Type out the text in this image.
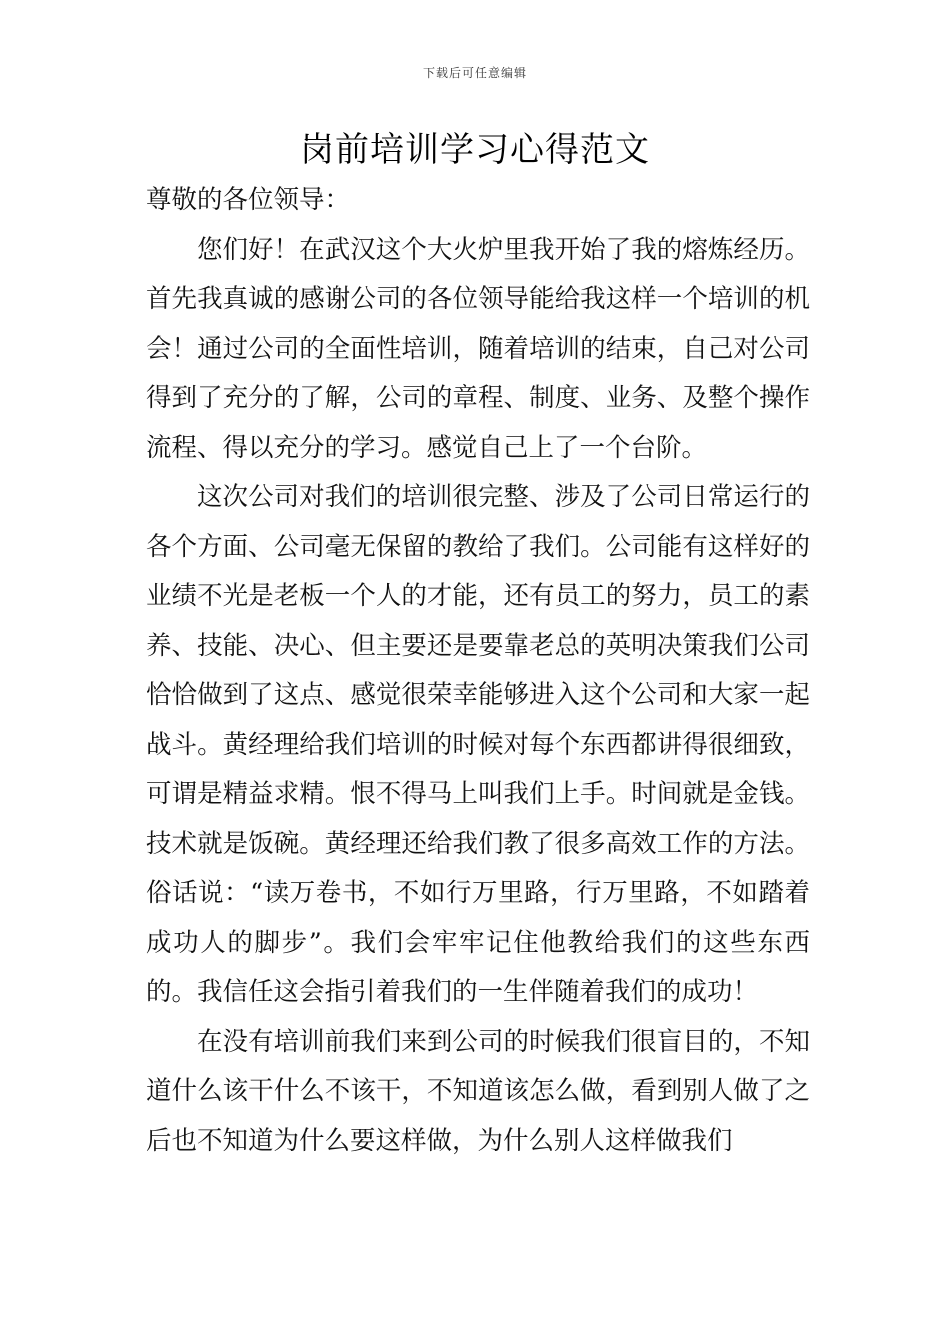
下载后可任意编辑
岗前培训学习心得范文

尊敬的各位领导：

您们好！在武汉这个大火炉里我开始了我的熔炼经历。首先我真诚的感谢公司的各位领导能给我这样一个培训的机会！通过公司的全面性培训，随着培训的结束，自己对公司得到了充分的了解，公司的章程、制度、业务、及整个操作流程、得以充分的学习。感觉自己上了一个台阶。

这次公司对我们的培训很完整、涉及了公司日常运行的各个方面、公司毫无保留的教给了我们。公司能有这样好的业绩不光是老板一个人的才能，还有员工的努力，员工的素养、技能、决心、但主要还是要靠老总的英明决策我们公司恰恰做到了这点、感觉很荣幸能够进入这个公司和大家一起战斗。黄经理给我们培训的时候对每个东西都讲得很细致，可谓是精益求精。恨不得马上叫我们上手。时间就是金钱。技术就是饭碗。黄经理还给我们教了很多高效工作的方法。俗话说：“读万卷书，不如行万里路，行万里路，不如踏着成功人的脚步”。我们会牢牢记住他教给我们的这些东西的。我信任这会指引着我们的一生伴随着我们的成功！

在没有培训前我们来到公司的时候我们很盲目的，不知道什么该干什么不该干，不知道该怎么做，看到别人做了之后也不知道为什么要这样做，为什么别人这样做我们
